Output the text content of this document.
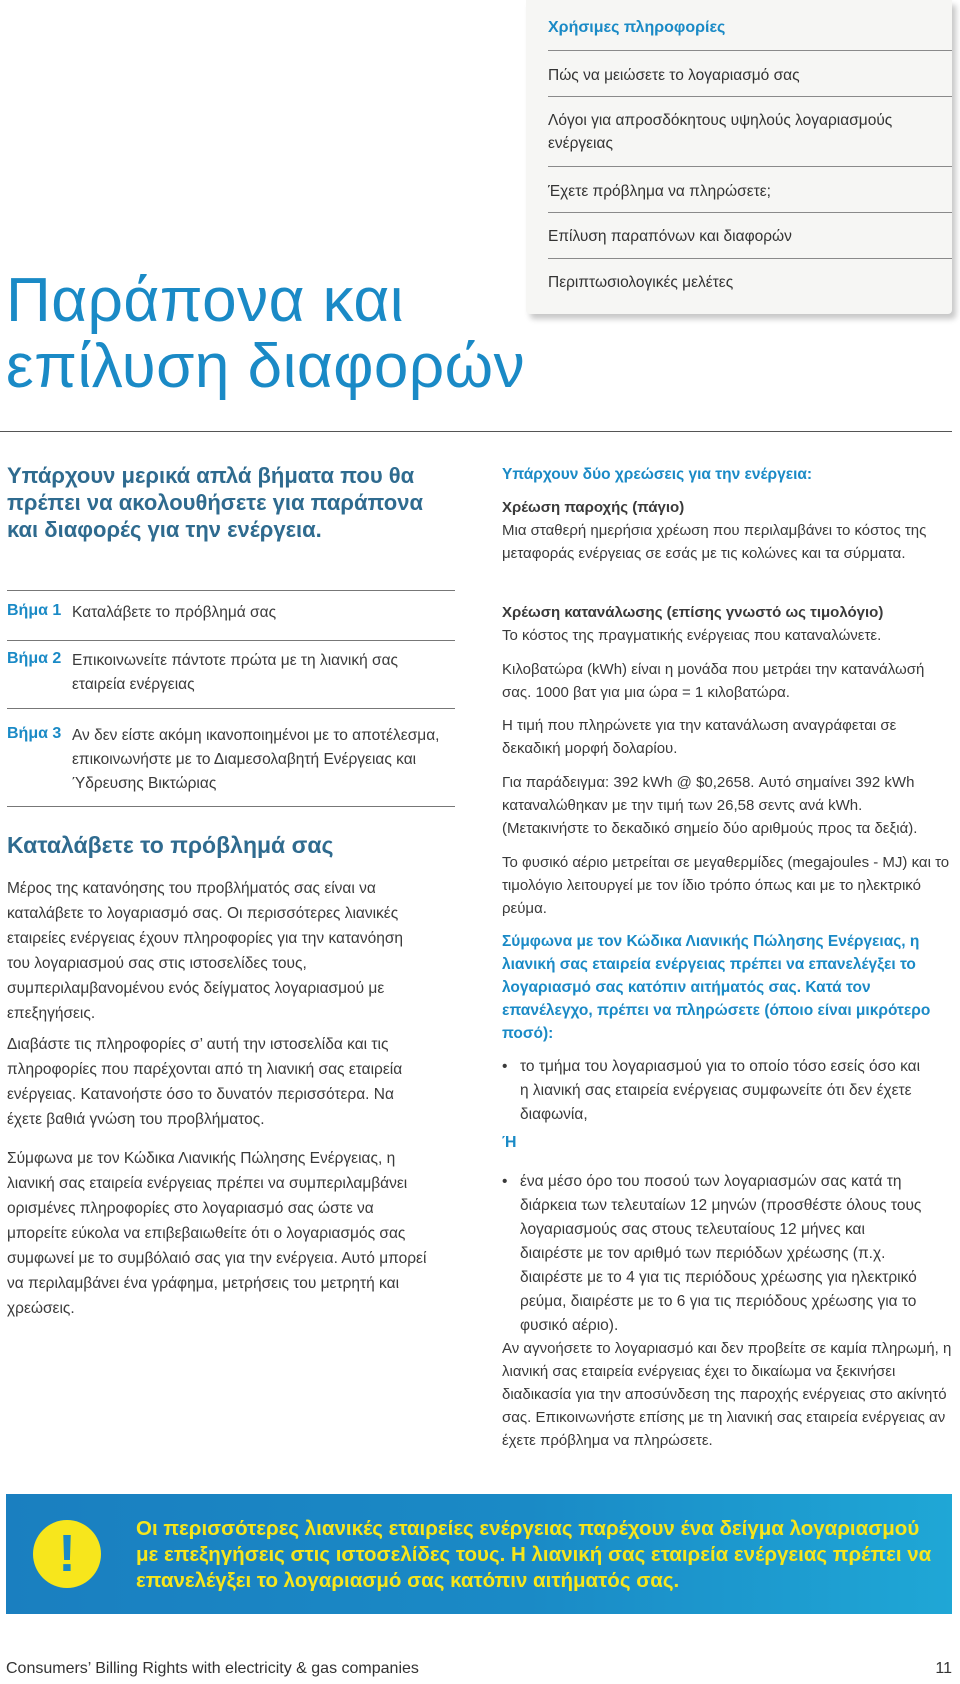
Χρήσιμες πληροφορίες
Πώς να μειώσετε το λογαριασμό σας
Λόγοι για απροσδόκητους υψηλούς λογαριασμούς ενέργειας
Έχετε πρόβλημα να πληρώσετε;
Επίλυση παραπόνων και διαφορών
Περιπτωσιολογικές μελέτες
Παράπονα και
επίλυση διαφορών

Υπάρχουν μερικά απλά βήματα που θα πρέπει να ακολουθήσετε για παράπονα και διαφορές για την ενέργεια.

Βήμα 1 Καταλάβετε το πρόβλημά σας
Βήμα 2 Επικοινωνείτε πάντοτε πρώτα με τη λιανική σας εταιρεία ενέργειας
Βήμα 3 Αν δεν είστε ακόμη ικανοποιημένοι με το αποτέλεσμα, επικοινωνήστε με το Διαμεσολαβητή Ενέργειας και Ύδρευσης Βικτώριας
Καταλάβετε το πρόβλημά σας

Μέρος της κατανόησης του προβλήματός σας είναι να καταλάβετε το λογαριασμό σας. Οι περισσότερες λιανικές εταιρείες ενέργειας έχουν πληροφορίες για την κατανόηση του λογαριασμού σας στις ιστοσελίδες τους, συμπεριλαμβανομένου ενός δείγματος λογαριασμού με επεξηγήσεις.

Διαβάστε τις πληροφορίες σ’ αυτή την ιστοσελίδα και τις πληροφορίες που παρέχονται από τη λιανική σας εταιρεία ενέργειας. Κατανοήστε όσο το δυνατόν περισσότερα. Να έχετε βαθιά γνώση του προβλήματος.

Σύμφωνα με τον Κώδικα Λιανικής Πώλησης Ενέργειας, η λιανική σας εταιρεία ενέργειας πρέπει να συμπεριλαμβάνει ορισμένες πληροφορίες στο λογαριασμό σας ώστε να μπορείτε εύκολα να επιβεβαιωθείτε ότι ο λογαριασμός σας συμφωνεί με το συμβόλαιό σας για την ενέργεια. Αυτό μπορεί να περιλαμβάνει ένα γράφημα, μετρήσεις του μετρητή και χρεώσεις.

Υπάρχουν δύο χρεώσεις για την ενέργεια:

Χρέωση παροχής (πάγιο)
Μια σταθερή ημερήσια χρέωση που περιλαμβάνει το κόστος της μεταφοράς ενέργειας σε εσάς με τις κολώνες και τα σύρματα.

Χρέωση κατανάλωσης (επίσης γνωστό ως τιμολόγιο)
Το κόστος της πραγματικής ενέργειας που καταναλώνετε.

Κιλοβατώρα (kWh) είναι η μονάδα που μετράει την κατανάλωσή σας. 1000 βατ για μια ώρα = 1 κιλοβατώρα.

Η τιμή που πληρώνετε για την κατανάλωση αναγράφεται σε δεκαδική μορφή δολαρίου.

Για παράδειγμα: 392 kWh @ $0,2658. Αυτό σημαίνει 392 kWh καταναλώθηκαν με την τιμή των 26,58 σεντς ανά kWh. (Μετακινήστε το δεκαδικό σημείο δύο αριθμούς προς τα δεξιά).

Το φυσικό αέριο μετρείται σε μεγαθερμίδες (megajoules - MJ) και το τιμολόγιο λειτουργεί με τον ίδιο τρόπο όπως και με το ηλεκτρικό ρεύμα.

Σύμφωνα με τον Κώδικα Λιανικής Πώλησης Ενέργειας, η λιανική σας εταιρεία ενέργειας πρέπει να επανελέγξει το λογαριασμό σας κατόπιν αιτήματός σας. Κατά τον επανέλεγχο, πρέπει να πληρώσετε (όποιο είναι μικρότερο ποσό):

• το τμήμα του λογαριασμού για το οποίο τόσο εσείς όσο και η λιανική σας εταιρεία ενέργειας συμφωνείτε ότι δεν έχετε διαφωνία,
Ή
• ένα μέσο όρο του ποσού των λογαριασμών σας κατά τη διάρκεια των τελευταίων 12 μηνών (προσθέστε όλους τους λογαριασμούς σας στους τελευταίους 12 μήνες και διαιρέστε με τον αριθμό των περιόδων χρέωσης (π.χ. διαιρέστε με το 4 για τις περιόδους χρέωσης για ηλεκτρικό ρεύμα, διαιρέστε με το 6 για τις περιόδους χρέωσης για το φυσικό αέριο).

Αν αγνοήσετε το λογαριασμό και δεν προβείτε σε καμία πληρωμή, η λιανική σας εταιρεία ενέργειας έχει το δικαίωμα να ξεκινήσει διαδικασία για την αποσύνδεση της παροχής ενέργειας στο ακίνητό σας. Επικοινωνήστε επίσης με τη λιανική σας εταιρεία ενέργειας αν έχετε πρόβλημα να πληρώσετε.

!	Οι περισσότερες λιανικές εταιρείες ενέργειας παρέχουν ένα δείγμα λογαριασμού με επεξηγήσεις στις ιστοσελίδες τους. Η λιανική σας εταιρεία ενέργειας πρέπει να επανελέγξει το λογαριασμό σας κατόπιν αιτήματός σας.
Consumers’ Billing Rights with electricity & gas companies	11
